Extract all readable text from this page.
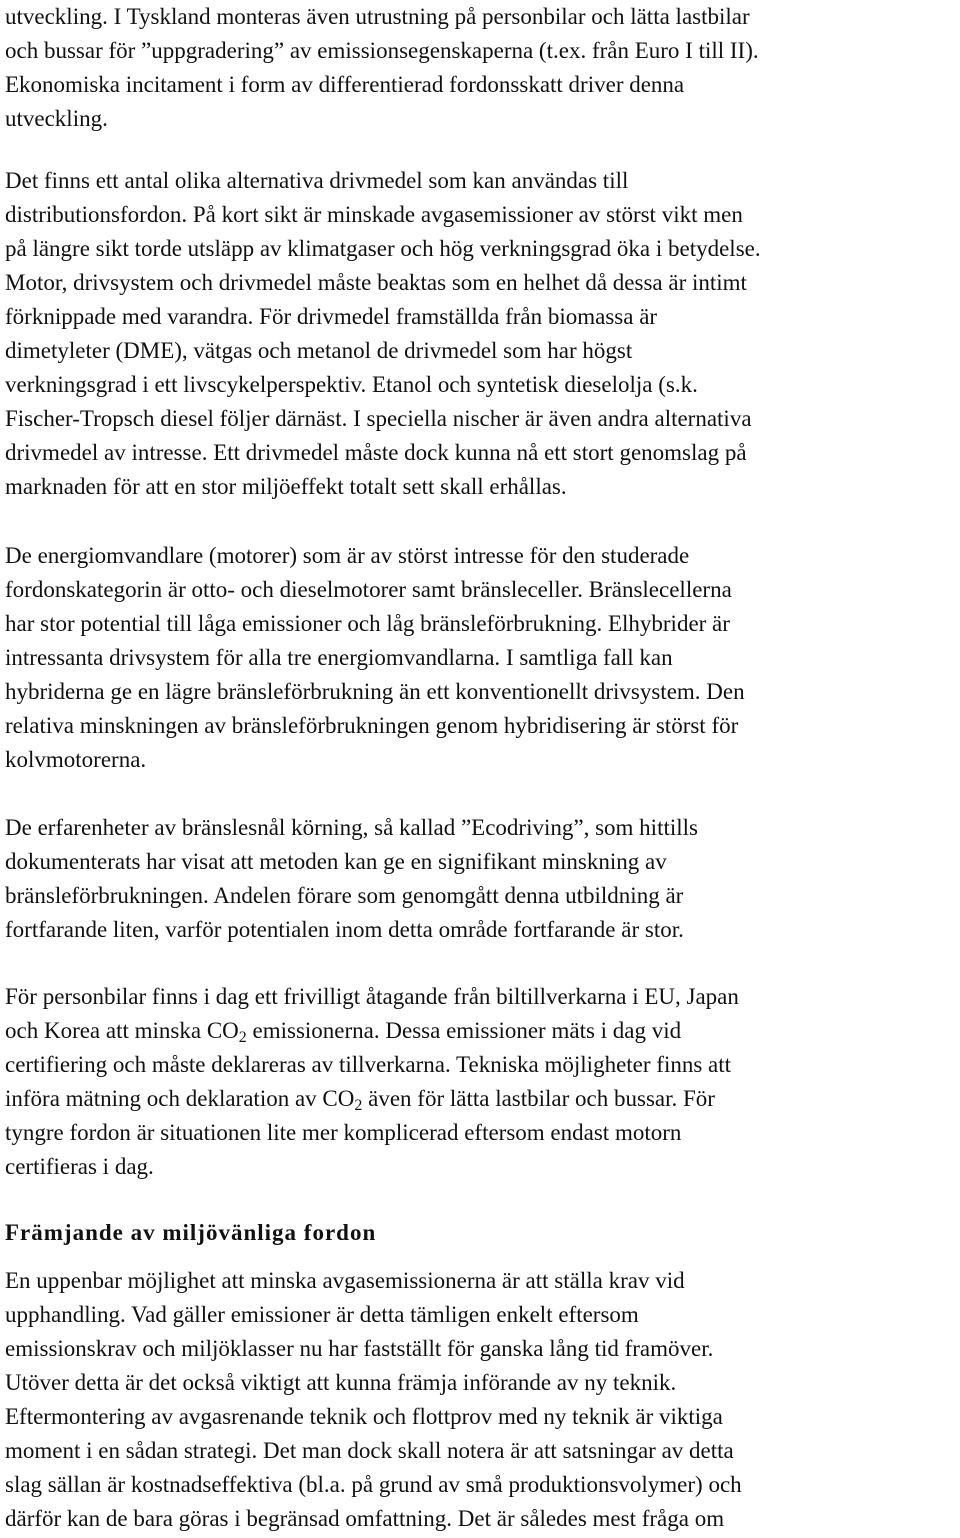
utveckling. I Tyskland monteras även utrustning på personbilar och lätta lastbilar
och bussar för ”uppgradering” av emissionsegenskaperna (t.ex. från Euro I till II).
Ekonomiska incitament i form av differentierad fordonsskatt driver denna
utveckling.

Det finns ett antal olika alternativa drivmedel som kan användas till
distributionsfordon. På kort sikt är minskade avgasemissioner av störst vikt men
på längre sikt torde utsläpp av klimatgaser och hög verkningsgrad öka i betydelse.
Motor, drivsystem och drivmedel måste beaktas som en helhet då dessa är intimt
förknippade med varandra. För drivmedel framställda från biomassa är
dimetyleter (DME), vätgas och metanol de drivmedel som har högst
verkningsgrad i ett livscykelperspektiv. Etanol och syntetisk dieselolja (s.k.
Fischer-Tropsch diesel följer därnäst. I speciella nischer är även andra alternativa
drivmedel av intresse. Ett drivmedel måste dock kunna nå ett stort genomslag på
marknaden för att en stor miljöeffekt totalt sett skall erhållas.

De energiomvandlare (motorer) som är av störst intresse för den studerade
fordonskategorin är otto- och dieselmotorer samt bränsleceller. Bränslecellerna
har stor potential till låga emissioner och låg bränsleförbrukning. Elhybrider är
intressanta drivsystem för alla tre energiomvandlarna. I samtliga fall kan
hybriderna ge en lägre bränsleförbrukning än ett konventionellt drivsystem. Den
relativa minskningen av bränsleförbrukningen genom hybridisering är störst för
kolvmotorerna.

De erfarenheter av bränslesnål körning, så kallad ”Ecodriving”, som hittills
dokumenterats har visat att metoden kan ge en signifikant minskning av
bränsleförbrukningen. Andelen förare som genomgått denna utbildning är
fortfarande liten, varför potentialen inom detta område fortfarande är stor.

För personbilar finns i dag ett frivilligt åtagande från biltillverkarna i EU, Japan
och Korea att minska $CO_2$ emissionerna. Dessa emissioner mäts i dag vid
certifiering och måste deklareras av tillverkarna. Tekniska möjligheter finns att
införa mätning och deklaration av $CO_2$ även för lätta lastbilar och bussar. För
tyngre fordon är situationen lite mer komplicerad eftersom endast motorn
certifieras i dag.

Främjande av miljövänliga fordon

En uppenbar möjlighet att minska avgasemissionerna är att ställa krav vid
upphandling. Vad gäller emissioner är detta tämligen enkelt eftersom
emissionskrav och miljöklasser nu har fastställt för ganska lång tid framöver.
Utöver detta är det också viktigt att kunna främja införande av ny teknik.
Eftermontering av avgasrenande teknik och flottprov med ny teknik är viktiga
moment i en sådan strategi. Det man dock skall notera är att satsningar av detta
slag sällan är kostnadseffektiva (bl.a. på grund av små produktionsvolymer) och
därför kan de bara göras i begränsad omfattning. Det är således mest fråga om
